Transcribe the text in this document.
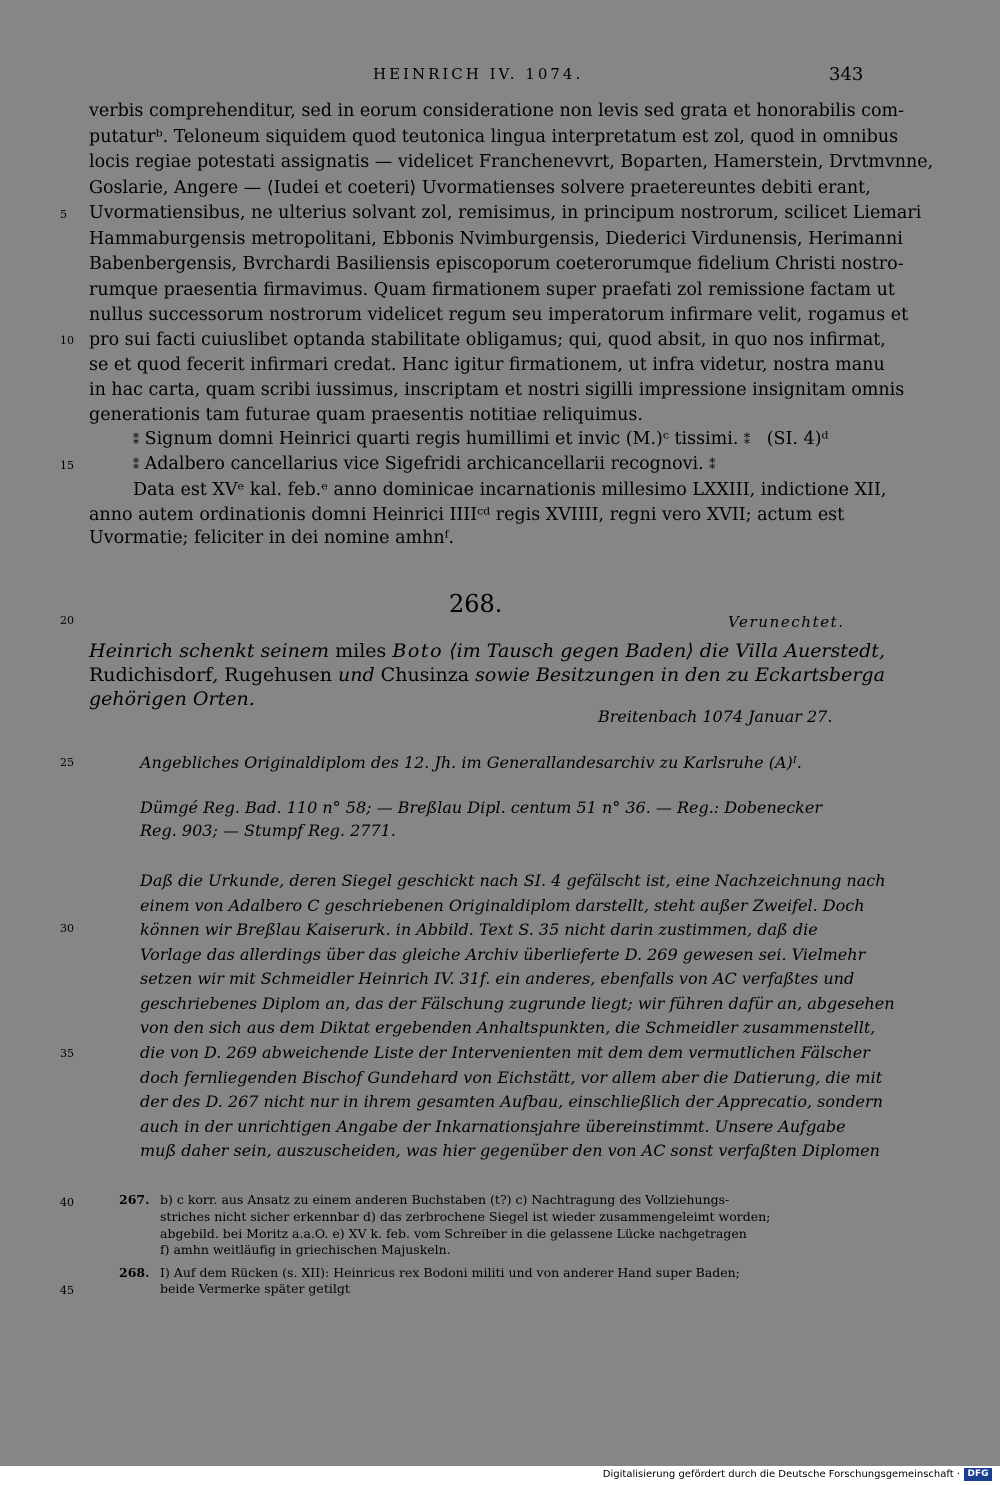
HEINRICH IV. 1074.	343
verbis comprehenditur, sed in eorum consideratione non levis sed grata et honorabilis com-
putaturᵇ. Teloneum siquidem quod teutonica lingua interpretatum est zol, quod in omnibus
locis regiae potestati assignatis — videlicet Franchenevvrt, Boparten, Hamerstein, Drvtmvnne,
Goslarie, Angere — ⟨Iudei et coeteri⟩ Uvormatienses solvere praetereuntes debiti erant,
Uvormatiensibus, ne ulterius solvant zol, remisimus, in principum nostrorum, scilicet Liemari
Hammaburgensis metropolitani, Ebbonis Nvimburgensis, Diederici Virdunensis, Herimanni
Babenbergensis, Bvrchardi Basiliensis episcoporum coeterorumque fidelium Christi nostro-
rumque praesentia firmavimus. Quam firmationem super praefati zol remissione factam ut
nullus successorum nostrorum videlicet regum seu imperatorum infirmare velit, rogamus et
pro sui facti cuiuslibet optanda stabilitate obligamus; qui, quod absit, in quo nos infirmat,
se et quod fecerit infirmari credat. Hanc igitur firmationem, ut infra videtur, nostra manu
in hac carta, quam scribi iussimus, inscriptam et nostri sigilli impressione insignitam omnis
generationis tam futurae quam praesentis notitiae reliquimus.
⁑ Signum domni Heinrici quarti regis humillimi et invic (M.)ᶜ tissimi. ⁑ (SI. 4)ᵈ
⁑ Adalbero cancellarius vice Sigefridi archicancellarii recognovi. ⁑
Data est XVᵉ kal. feb.ᵉ anno dominicae incarnationis millesimo LXXIII, indictione XII,
anno autem ordinationis domni Heinrici IIIIᶜᵈ regis XVIIII, regni vero XVII; actum est
Uvormatie; feliciter in dei nomine amhnᶠ.
5
10
15
20
25
30
35
40
45
268.
Verunechtet.
Heinrich schenkt seinem miles Boto ⟨im Tausch gegen Baden⟩ die Villa Auerstedt,
Rudichisdorf, Rugehusen und Chusinza sowie Besitzungen in den zu Eckartsberga
gehörigen Orten.
Breitenbach 1074 Januar 27.
Angebliches Originaldiplom des 12. Jh. im Generallandesarchiv zu Karlsruhe (A)ᴵ.
Dümgé Reg. Bad. 110 n° 58; — Breßlau Dipl. centum 51 n° 36. — Reg.: Dobenecker
Reg. 903; — Stumpf Reg. 2771.
Daß die Urkunde, deren Siegel geschickt nach SI. 4 gefälscht ist, eine Nachzeichnung nach
einem von Adalbero C geschriebenen Originaldiplom darstellt, steht außer Zweifel. Doch
können wir Breßlau Kaiserurk. in Abbild. Text S. 35 nicht darin zustimmen, daß die
Vorlage das allerdings über das gleiche Archiv überlieferte D. 269 gewesen sei. Vielmehr
setzen wir mit Schmeidler Heinrich IV. 31f. ein anderes, ebenfalls von AC verfaßtes und
geschriebenes Diplom an, das der Fälschung zugrunde liegt; wir führen dafür an, abgesehen
von den sich aus dem Diktat ergebenden Anhaltspunkten, die Schmeidler zusammenstellt,
die von D. 269 abweichende Liste der Intervenienten mit dem dem vermutlichen Fälscher
doch fernliegenden Bischof Gundehard von Eichstätt, vor allem aber die Datierung, die mit
der des D. 267 nicht nur in ihrem gesamten Aufbau, einschließlich der Apprecatio, sondern
auch in der unrichtigen Angabe der Inkarnationsjahre übereinstimmt. Unsere Aufgabe
muß daher sein, auszuscheiden, was hier gegenüber den von AC sonst verfaßten Diplomen
267. b) c korr. aus Ansatz zu einem anderen Buchstaben (t?) c) Nachtragung des Vollziehungs-
striches nicht sicher erkennbar d) das zerbrochene Siegel ist wieder zusammengeleimt worden;
abgebild. bei Moritz a.a.O. e) XV k. feb. vom Schreiber in die gelassene Lücke nachgetragen
f) amhn weitläufig in griechischen Majuskeln.
268. I) Auf dem Rücken (s. XII): Heinricus rex Bodoni militi und von anderer Hand super Baden;
beide Vermerke später getilgt
Digitalisierung gefördert durch die Deutsche Forschungsgemeinschaft · DFG
